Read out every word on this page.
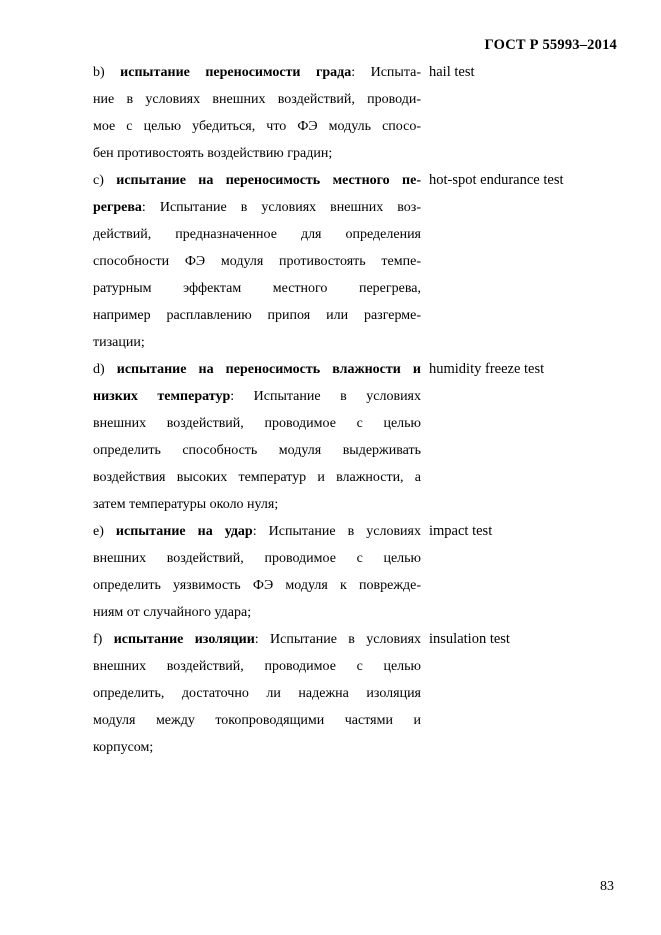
ГОСТ Р 55993–2014
b) испытание переносимости града: Испыта-
ние в условиях внешних воздействий, проводи-
мое с целью убедиться, что ФЭ модуль спосо-
бен противостоять воздействию градин;
hail test
c) испытание на переносимость местного пе-
регрева: Испытание в условиях внешних воз-
действий, предназначенное для определения
способности ФЭ модуля противостоять темпе-
ратурным эффектам местного перегрева,
например расплавлению припоя или разгерме-
тизации;
hot-spot endurance test
d) испытание на переносимость влажности и
низких температур: Испытание в условиях
внешних воздействий, проводимое с целью
определить способность модуля выдерживать
воздействия высоких температур и влажности, а
затем температуры около нуля;
humidity freeze test
e) испытание на удар: Испытание в условиях
внешних воздействий, проводимое с целью
определить уязвимость ФЭ модуля к поврежде-
ниям от случайного удара;
impact test
f) испытание изоляции: Испытание в условиях
внешних воздействий, проводимое с целью
определить, достаточно ли надежна изоляция
модуля между токопроводящими частями и
корпусом;
insulation test
83
